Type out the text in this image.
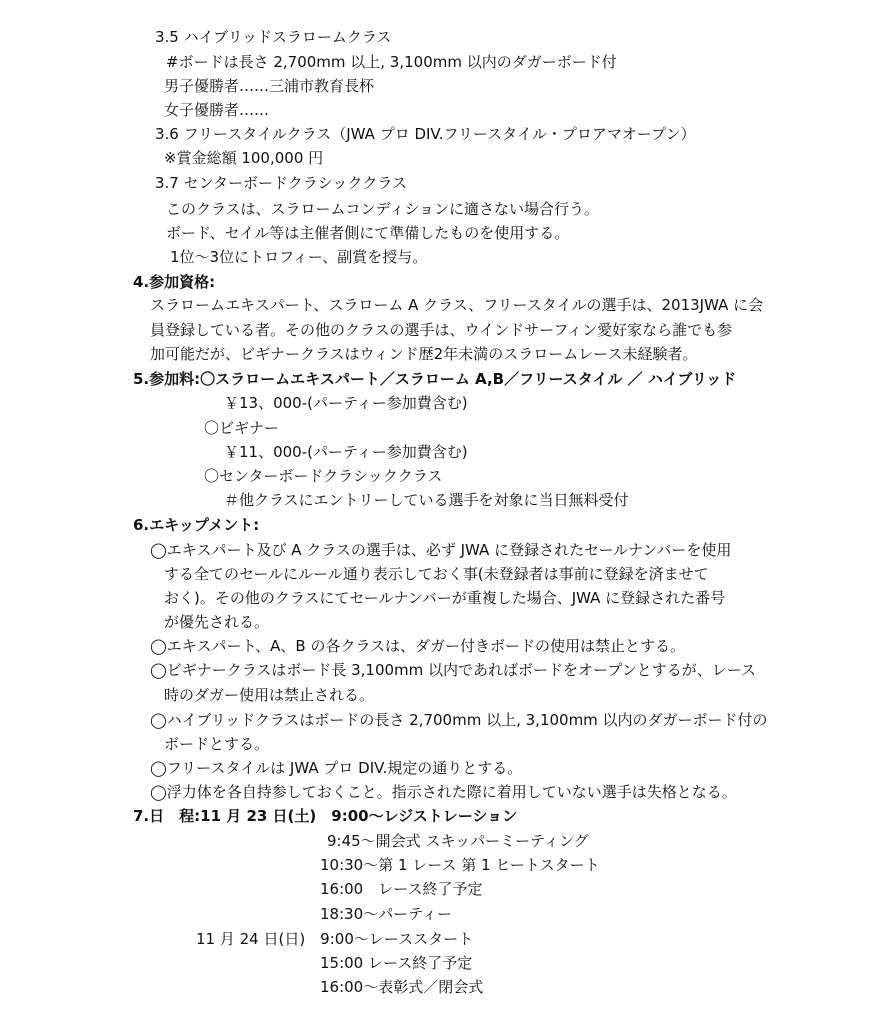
3.5 ハイブリッドスラロームクラス
#ボードは長さ 2,700mm 以上, 3,100mm 以内のダガーボード付
男子優勝者……三浦市教育長杯
女子優勝者……
3.6 フリースタイルクラス（JWA プロ DIV.フリースタイル・プロアマオープン）
※賞金総額 100,000 円
3.7 センターボードクラシッククラス
このクラスは、スラロームコンディションに適さない場合行う。
ボード、セイル等は主催者側にて準備したものを使用する。
1位～3位にトロフィー、副賞を授与。
4.参加資格:
スラロームエキスパート、スラローム A クラス、フリースタイルの選手は、2013JWA に会
員登録している者。その他のクラスの選手は、ウインドサーフィン愛好家なら誰でも参
加可能だが、ビギナークラスはウィンド歴2年未満のスラロームレース未経験者。
5.参加料:〇スラロームエキスパート／スラローム A,B／フリースタイル ／ ハイブリッド
￥13、000-(パーティー参加費含む)
〇ビギナー
￥11、000-(パーティー参加費含む)
〇センターボードクラシッククラス
＃他クラスにエントリーしている選手を対象に当日無料受付
6.エキップメント:
◯エキスパート及び A クラスの選手は、必ず JWA に登録されたセールナンバーを使用
する全てのセールにルール通り表示しておく事(未登録者は事前に登録を済ませて
おく)。その他のクラスにてセールナンバーが重複した場合、JWA に登録された番号
が優先される。
◯エキスパート、A、B の各クラスは、ダガー付きボードの使用は禁止とする。
◯ビギナークラスはボード長 3,100mm 以内であればボードをオープンとするが、レース
時のダガー使用は禁止される。
◯ハイブリッドクラスはボードの長さ 2,700mm 以上, 3,100mm 以内のダガーボード付の
ボードとする。
◯フリースタイルは JWA プロ DIV.規定の通りとする。
◯浮力体を各自持参しておくこと。指示された際に着用していない選手は失格となる。
7.日　程:11 月 23 日(土)　9:00～レジストレーション
9:45～開会式 スキッパーミーティング
10:30～第 1 レース 第 1 ヒートスタート
16:00　レース終了予定
18:30～パーティー
11 月 24 日(日)　9:00～レーススタート
15:00 レース終了予定
16:00～表彰式／閉会式
